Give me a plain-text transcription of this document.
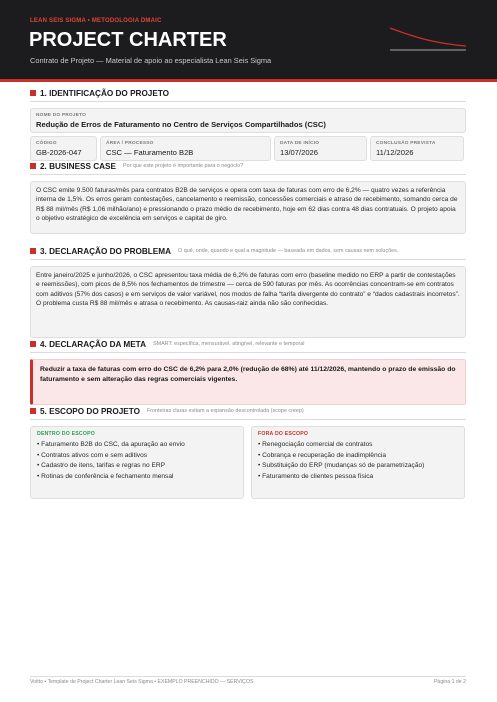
LEAN SEIS SIGMA • METODOLOGIA DMAIC
PROJECT CHARTER
Contrato de Projeto — Material de apoio ao especialista Lean Seis Sigma
1. IDENTIFICAÇÃO DO PROJETO
NOME DO PROJETO
Redução de Erros de Faturamento no Centro de Serviços Compartilhados (CSC)
CÓDIGO
GB-2026-047
ÁREA / PROCESSO
CSC — Faturamento B2B
DATA DE INÍCIO
13/07/2026
CONCLUSÃO PREVISTA
11/12/2026
2. BUSINESS CASE Por que este projeto é importante para o negócio?
O CSC emite 9.500 faturas/mês para contratos B2B de serviços e opera com taxa de faturas com erro de 6,2% — quatro vezes a referência interna de 1,5%. Os erros geram contestações, cancelamento e reemissão, concessões comerciais e atraso de recebimento, somando cerca de R$ 88 mil/mês (R$ 1,06 milhão/ano) e pressionando o prazo médio de recebimento, hoje em 62 dias contra 48 dias contratuais. O projeto apoia o objetivo estratégico de excelência em serviços e capital de giro.
3. DECLARAÇÃO DO PROBLEMA O quê, onde, quando e qual a magnitude — baseada em dados, sem causas nem soluções.
Entre janeiro/2025 e junho/2026, o CSC apresentou taxa média de 6,2% de faturas com erro (baseline medido no ERP a partir de contestações e reemissões), com picos de 8,5% nos fechamentos de trimestre — cerca de 590 faturas por mês. As ocorrências concentram-se em contratos com aditivos (57% dos casos) e em serviços de valor variável, nos modos de falha “tarifa divergente do contrato” e “dados cadastrais incorretos”. O problema custa R$ 88 mil/mês e atrasa o recebimento. As causas-raiz ainda não são conhecidas.
4. DECLARAÇÃO DA META SMART: específica, mensurável, atingível, relevante e temporal
Reduzir a taxa de faturas com erro do CSC de 6,2% para 2,0% (redução de 68%) até 11/12/2026, mantendo o prazo de emissão do faturamento e sem alteração das regras comerciais vigentes.
5. ESCOPO DO PROJETO Fronteiras claras evitam a expansão descontrolada (scope creep)
DENTRO DO ESCOPO
• Faturamento B2B do CSC, da apuração ao envio
• Contratos ativos com e sem aditivos
• Cadastro de itens, tarifas e regras no ERP
• Rotinas de conferência e fechamento mensal
FORA DO ESCOPO
• Renegociação comercial de contratos
• Cobrança e recuperação de inadimplência
• Substituição do ERP (mudanças só de parametrização)
• Faturamento de clientes pessoa física
Voitto • Template de Project Charter Lean Seis Sigma • EXEMPLO PREENCHIDO — SERVIÇOS	Página 1 de 2
